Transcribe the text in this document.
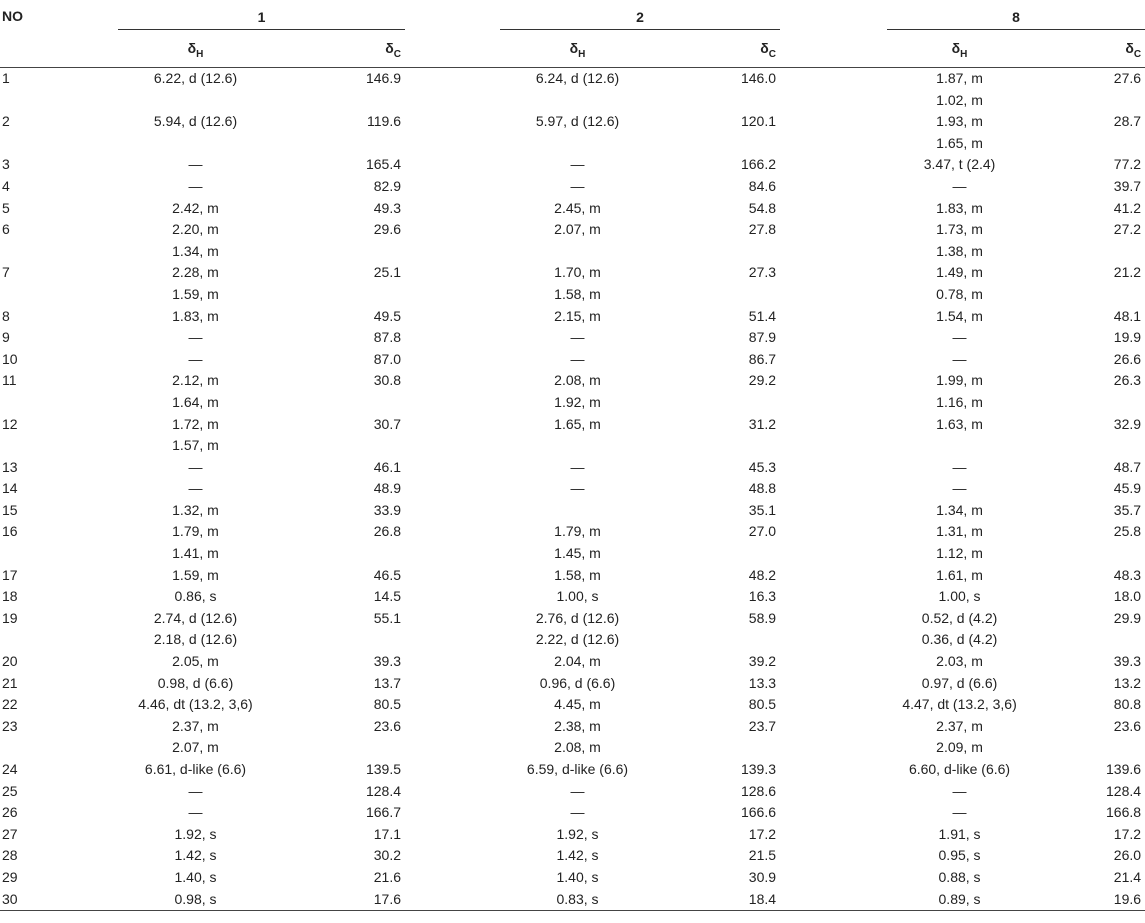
NO	1			2			8	

	$\delta_H$	$\delta_C$		$\delta_H$	$\delta_C$		$\delta_H$	$\delta_C$
1	6.22, d (12.6)	146.9		6.24, d (12.6)	146.0		1.87, m	27.6
							1.02, m	
2	5.94, d (12.6)	119.6		5.97, d (12.6)	120.1		1.93, m	28.7
							1.65, m	
3	—	165.4		—	166.2		3.47, t (2.4)	77.2
4	—	82.9		—	84.6		—	39.7
5	2.42, m	49.3		2.45, m	54.8		1.83, m	41.2
6	2.20, m	29.6		2.07, m	27.8		1.73, m	27.2
	1.34, m						1.38, m	
7	2.28, m	25.1		1.70, m	27.3		1.49, m	21.2
	1.59, m			1.58, m			0.78, m	
8	1.83, m	49.5		2.15, m	51.4		1.54, m	48.1
9	—	87.8		—	87.9		—	19.9
10	—	87.0		—	86.7		—	26.6
11	2.12, m	30.8		2.08, m	29.2		1.99, m	26.3
	1.64, m			1.92, m			1.16, m	
12	1.72, m	30.7		1.65, m	31.2		1.63, m	32.9
	1.57, m							
13	—	46.1		—	45.3		—	48.7
14	—	48.9		—	48.8		—	45.9
15	1.32, m	33.9			35.1		1.34, m	35.7
16	1.79, m	26.8		1.79, m	27.0		1.31, m	25.8
	1.41, m			1.45, m			1.12, m	
17	1.59, m	46.5		1.58, m	48.2		1.61, m	48.3
18	0.86, s	14.5		1.00, s	16.3		1.00, s	18.0
19	2.74, d (12.6)	55.1		2.76, d (12.6)	58.9		0.52, d (4.2)	29.9
	2.18, d (12.6)			2.22, d (12.6)			0.36, d (4.2)	
20	2.05, m	39.3		2.04, m	39.2		2.03, m	39.3
21	0.98, d (6.6)	13.7		0.96, d (6.6)	13.3		0.97, d (6.6)	13.2
22	4.46, dt (13.2, 3,6)	80.5		4.45, m	80.5		4.47, dt (13.2, 3,6)	80.8
23	2.37, m	23.6		2.38, m	23.7		2.37, m	23.6
	2.07, m			2.08, m			2.09, m	
24	6.61, d-like (6.6)	139.5		6.59, d-like (6.6)	139.3		6.60, d-like (6.6)	139.6
25	—	128.4		—	128.6		—	128.4
26	—	166.7		—	166.6		—	166.8
27	1.92, s	17.1		1.92, s	17.2		1.91, s	17.2
28	1.42, s	30.2		1.42, s	21.5		0.95, s	26.0
29	1.40, s	21.6		1.40, s	30.9		0.88, s	21.4
30	0.98, s	17.6		0.83, s	18.4		0.89, s	19.6
